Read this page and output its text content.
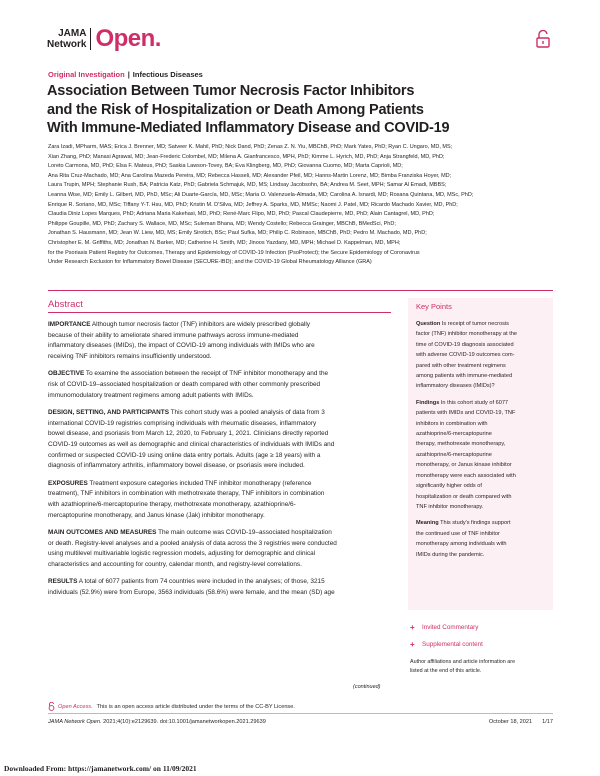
JAMA
Network Open.
Original Investigation | Infectious Diseases
Association Between Tumor Necrosis Factor Inhibitors
and the Risk of Hospitalization or Death Among Patients
With Immune-Mediated Inflammatory Disease and COVID-19

Zara Izadi, MPharm, MAS; Erica J. Brenner, MD; Satveer K. Mahil, PhD; Nick Dand, PhD; Zenas Z. N. Yiu, MBChB, PhD; Mark Yates, PhD; Ryan C. Ungaro, MD, MS;

Xian Zhang, PhD; Manasi Agrawal, MD; Jean-Frederic Colombel, MD; Milena A. Gianfrancesco, MPH, PhD; Kimme L. Hyrich, MD, PhD; Anja Strangfeld, MD, PhD;

Loreto Carmona, MD, PhD; Elsa F. Mateus, PhD; Saskia Lawson-Tovey, BA; Eva Klingberg, MD, PhD; Giovanna Cuomo, MD; Marta Caprioli, MD;

Ana Rita Cruz-Machado, MD; Ana Carolina Mazeda Pereira, MD; Rebecca Hasseli, MD; Alexander Pfeil, MD; Hanns-Martin Lorenz, MD; Bimba Franziska Hoyer, MD;

Laura Trupin, MPH; Stephanie Rush, BA; Patricia Katz, PhD; Gabriela Schmajuk, MD, MS; Lindsay Jacobsohn, BA; Andrea M. Seet, MPH; Samar Al Emadi, MBBS;

Leanna Wise, MD; Emily L. Gilbert, MD, PhD, MSc; Ali Duarte-García, MD, MSc; Maria O. Valenzuela-Almada, MD; Carolina A. Isnardi, MD; Rosana Quintana, MD, MSc, PhD;

Enrique R. Soriano, MD, MSc; Tiffany Y-T. Hsu, MD, PhD; Kristin M. D'Silva, MD; Jeffrey A. Sparks, MD, MMSc; Naomi J. Patel, MD; Ricardo Machado Xavier, MD, PhD;

Claudia Diniz Lopes Marques, PhD; Adriana Maria Kakehasi, MD, PhD; René-Marc Flipo, MD, PhD; Pascal Claudepierre, MD, PhD; Alain Cantagrel, MD, PhD;

Philippe Goupille, MD, PhD; Zachary S. Wallace, MD, MSc; Suleman Bhana, MD; Wendy Costello; Rebecca Grainger, MBChB, BMedSci, PhD;

Jonathan S. Hausmann, MD; Jean W. Liew, MD, MS; Emily Sirotich, BSc; Paul Sufka, MD; Philip C. Robinson, MBChB, PhD; Pedro M. Machado, MD, PhD;

Christopher E. M. Griffiths, MD; Jonathan N. Barker, MD; Catherine H. Smith, MD; Jinoos Yazdany, MD, MPH; Michael D. Kappelman, MD, MPH;

for the Psoriasis Patient Registry for Outcomes, Therapy and Epidemiology of COVID-19 Infection (PsoProtect); the Secure Epidemiology of Coronavirus

Under Research Exclusion for Inflammatory Bowel Disease (SECURE-IBD); and the COVID-19 Global Rheumatology Alliance (GRA)

Abstract
IMPORTANCE Although tumor necrosis factor (TNF) inhibitors are widely prescribed globally
because of their ability to ameliorate shared immune pathways across immune-mediated
inflammatory diseases (IMIDs), the impact of COVID-19 among individuals with IMIDs who are
receiving TNF inhibitors remains insufficiently understood.
OBJECTIVE To examine the association between the receipt of TNF inhibitor monotherapy and the
risk of COVID-19–associated hospitalization or death compared with other commonly prescribed
immunomodulatory treatment regimens among adult patients with IMIDs.
DESIGN, SETTING, AND PARTICIPANTS This cohort study was a pooled analysis of data from 3
international COVID-19 registries comprising individuals with rheumatic diseases, inflammatory
bowel disease, and psoriasis from March 12, 2020, to February 1, 2021. Clinicians directly reported
COVID-19 outcomes as well as demographic and clinical characteristics of individuals with IMIDs and
confirmed or suspected COVID-19 using online data entry portals. Adults (age ≥ 18 years) with a
diagnosis of inflammatory arthritis, inflammatory bowel disease, or psoriasis were included.
EXPOSURES Treatment exposure categories included TNF inhibitor monotherapy (reference
treatment), TNF inhibitors in combination with methotrexate therapy, TNF inhibitors in combination
with azathioprine/6-mercaptopurine therapy, methotrexate monotherapy, azathioprine/6-
mercaptopurine monotherapy, and Janus kinase (Jak) inhibitor monotherapy.
MAIN OUTCOMES AND MEASURES The main outcome was COVID-19–associated hospitalization
or death. Registry-level analyses and a pooled analysis of data across the 3 registries were conducted
using multilevel multivariable logistic regression models, adjusting for demographic and clinical
characteristics and accounting for country, calendar month, and registry-level correlations.
RESULTS A total of 6077 patients from 74 countries were included in the analyses; of those, 3215
individuals (52.9%) were from Europe, 3563 individuals (58.6%) were female, and the mean (SD) age
(continued)
Key Points
Question Is receipt of tumor necrosis
factor (TNF) inhibitor monotherapy at the
time of COVID-19 diagnosis associated
with adverse COVID-19 outcomes com-
pared with other treatment regimens
among patients with immune-mediated
inflammatory diseases (IMIDs)?
Findings In this cohort study of 6077
patients with IMIDs and COVID-19, TNF
inhibitors in combination with
azathioprine/6-mercaptopurine
therapy, methotrexate monotherapy,
azathioprine/6-mercaptopurine
monotherapy, or Janus kinase inhibitor
monotherapy were each associated with
significantly higher odds of
hospitalization or death compared with
TNF inhibitor monotherapy.
Meaning This study's findings support
the continued use of TNF inhibitor
monotherapy among individuals with
IMIDs during the pandemic.
+	Invited Commentary
+	Supplemental content
Author affiliations and article information are
listed at the end of this article.
Open Access. This is an open access article distributed under the terms of the CC-BY License.
JAMA Network Open. 2021;4(10):e2129639. doi:10.1001/jamanetworkopen.2021.29639	October 18, 2021 1/17
Downloaded From: https://jamanetwork.com/ on 11/09/2021
